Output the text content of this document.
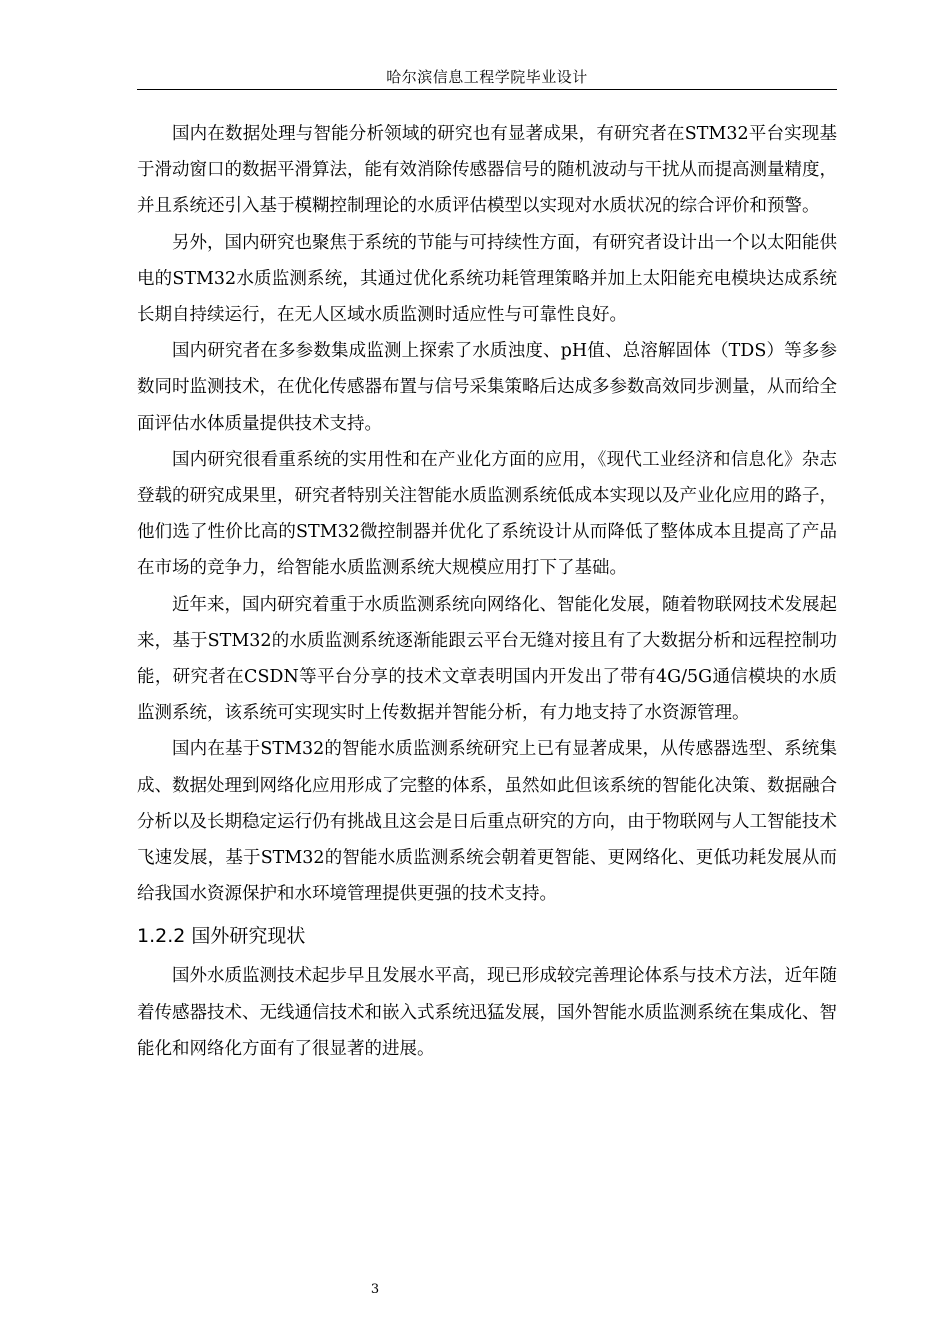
哈尔滨信息工程学院毕业设计

国内在数据处理与智能分析领域的研究也有显著成果，有研究者在STM32平台实现基于滑动窗口的数据平滑算法，能有效消除传感器信号的随机波动与干扰从而提高测量精度，并且系统还引入基于模糊控制理论的水质评估模型以实现对水质状况的综合评价和预警。

另外，国内研究也聚焦于系统的节能与可持续性方面，有研究者设计出一个以太阳能供电的STM32水质监测系统，其通过优化系统功耗管理策略并加上太阳能充电模块达成系统长期自持续运行，在无人区域水质监测时适应性与可靠性良好。

国内研究者在多参数集成监测上探索了水质浊度、pH值、总溶解固体（TDS）等多参数同时监测技术，在优化传感器布置与信号采集策略后达成多参数高效同步测量，从而给全面评估水体质量提供技术支持。

国内研究很看重系统的实用性和在产业化方面的应用，《现代工业经济和信息化》杂志登载的研究成果里，研究者特别关注智能水质监测系统低成本实现以及产业化应用的路子，他们选了性价比高的STM32微控制器并优化了系统设计从而降低了整体成本且提高了产品在市场的竞争力，给智能水质监测系统大规模应用打下了基础。

近年来，国内研究着重于水质监测系统向网络化、智能化发展，随着物联网技术发展起来，基于STM32的水质监测系统逐渐能跟云平台无缝对接且有了大数据分析和远程控制功能，研究者在CSDN等平台分享的技术文章表明国内开发出了带有4G/5G通信模块的水质监测系统，该系统可实现实时上传数据并智能分析，有力地支持了水资源管理。

国内在基于STM32的智能水质监测系统研究上已有显著成果，从传感器选型、系统集成、数据处理到网络化应用形成了完整的体系，虽然如此但该系统的智能化决策、数据融合分析以及长期稳定运行仍有挑战且这会是日后重点研究的方向，由于物联网与人工智能技术飞速发展，基于STM32的智能水质监测系统会朝着更智能、更网络化、更低功耗发展从而给我国水资源保护和水环境管理提供更强的技术支持。

1.2.2 国外研究现状

国外水质监测技术起步早且发展水平高，现已形成较完善理论体系与技术方法，近年随着传感器技术、无线通信技术和嵌入式系统迅猛发展，国外智能水质监测系统在集成化、智能化和网络化方面有了很显著的进展。

3
